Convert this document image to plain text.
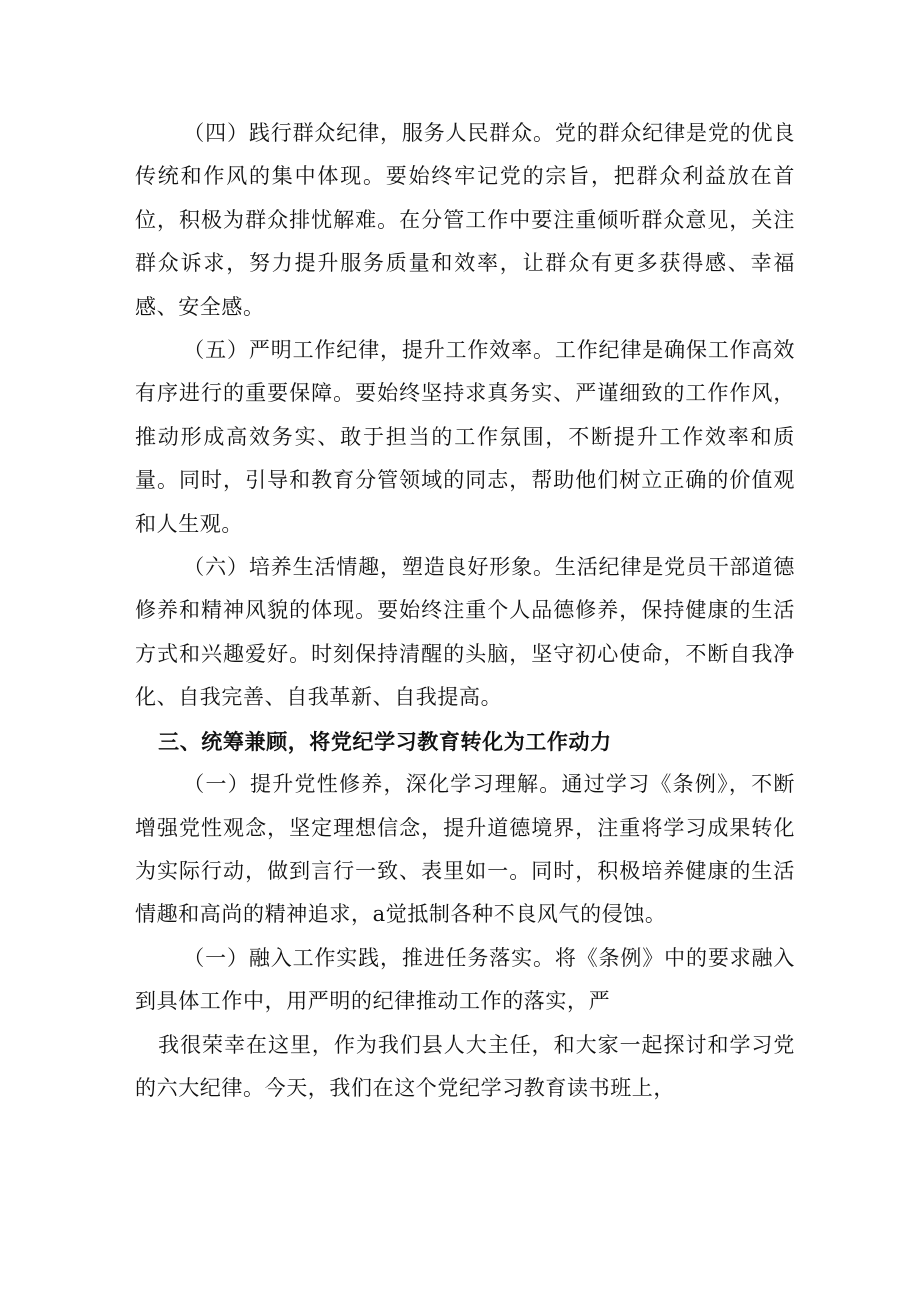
（四）践行群众纪律，服务人民群众。党的群众纪律是党的优良传统和作风的集中体现。要始终牢记党的宗旨，把群众利益放在首位，积极为群众排忧解难。在分管工作中要注重倾听群众意见，关注群众诉求，努力提升服务质量和效率，让群众有更多获得感、幸福感、安全感。

（五）严明工作纪律，提升工作效率。工作纪律是确保工作高效有序进行的重要保障。要始终坚持求真务实、严谨细致的工作作风，推动形成高效务实、敢于担当的工作氛围，不断提升工作效率和质量。同时，引导和教育分管领域的同志，帮助他们树立正确的价值观和人生观。

（六）培养生活情趣，塑造良好形象。生活纪律是党员干部道德修养和精神风貌的体现。要始终注重个人品德修养，保持健康的生活方式和兴趣爱好。时刻保持清醒的头脑，坚守初心使命，不断自我净化、自我完善、自我革新、自我提高。

三、统筹兼顾，将党纪学习教育转化为工作动力

（一）提升党性修养，深化学习理解。通过学习《条例》，不断增强党性观念，坚定理想信念，提升道德境界，注重将学习成果转化为实际行动，做到言行一致、表里如一。同时，积极培养健康的生活情趣和高尚的精神追求，a觉抵制各种不良风气的侵蚀。

（一）融入工作实践，推进任务落实。将《条例》中的要求融入到具体工作中，用严明的纪律推动工作的落实，严

我很荣幸在这里，作为我们县人大主任，和大家一起探讨和学习党的六大纪律。今天，我们在这个党纪学习教育读书班上，
